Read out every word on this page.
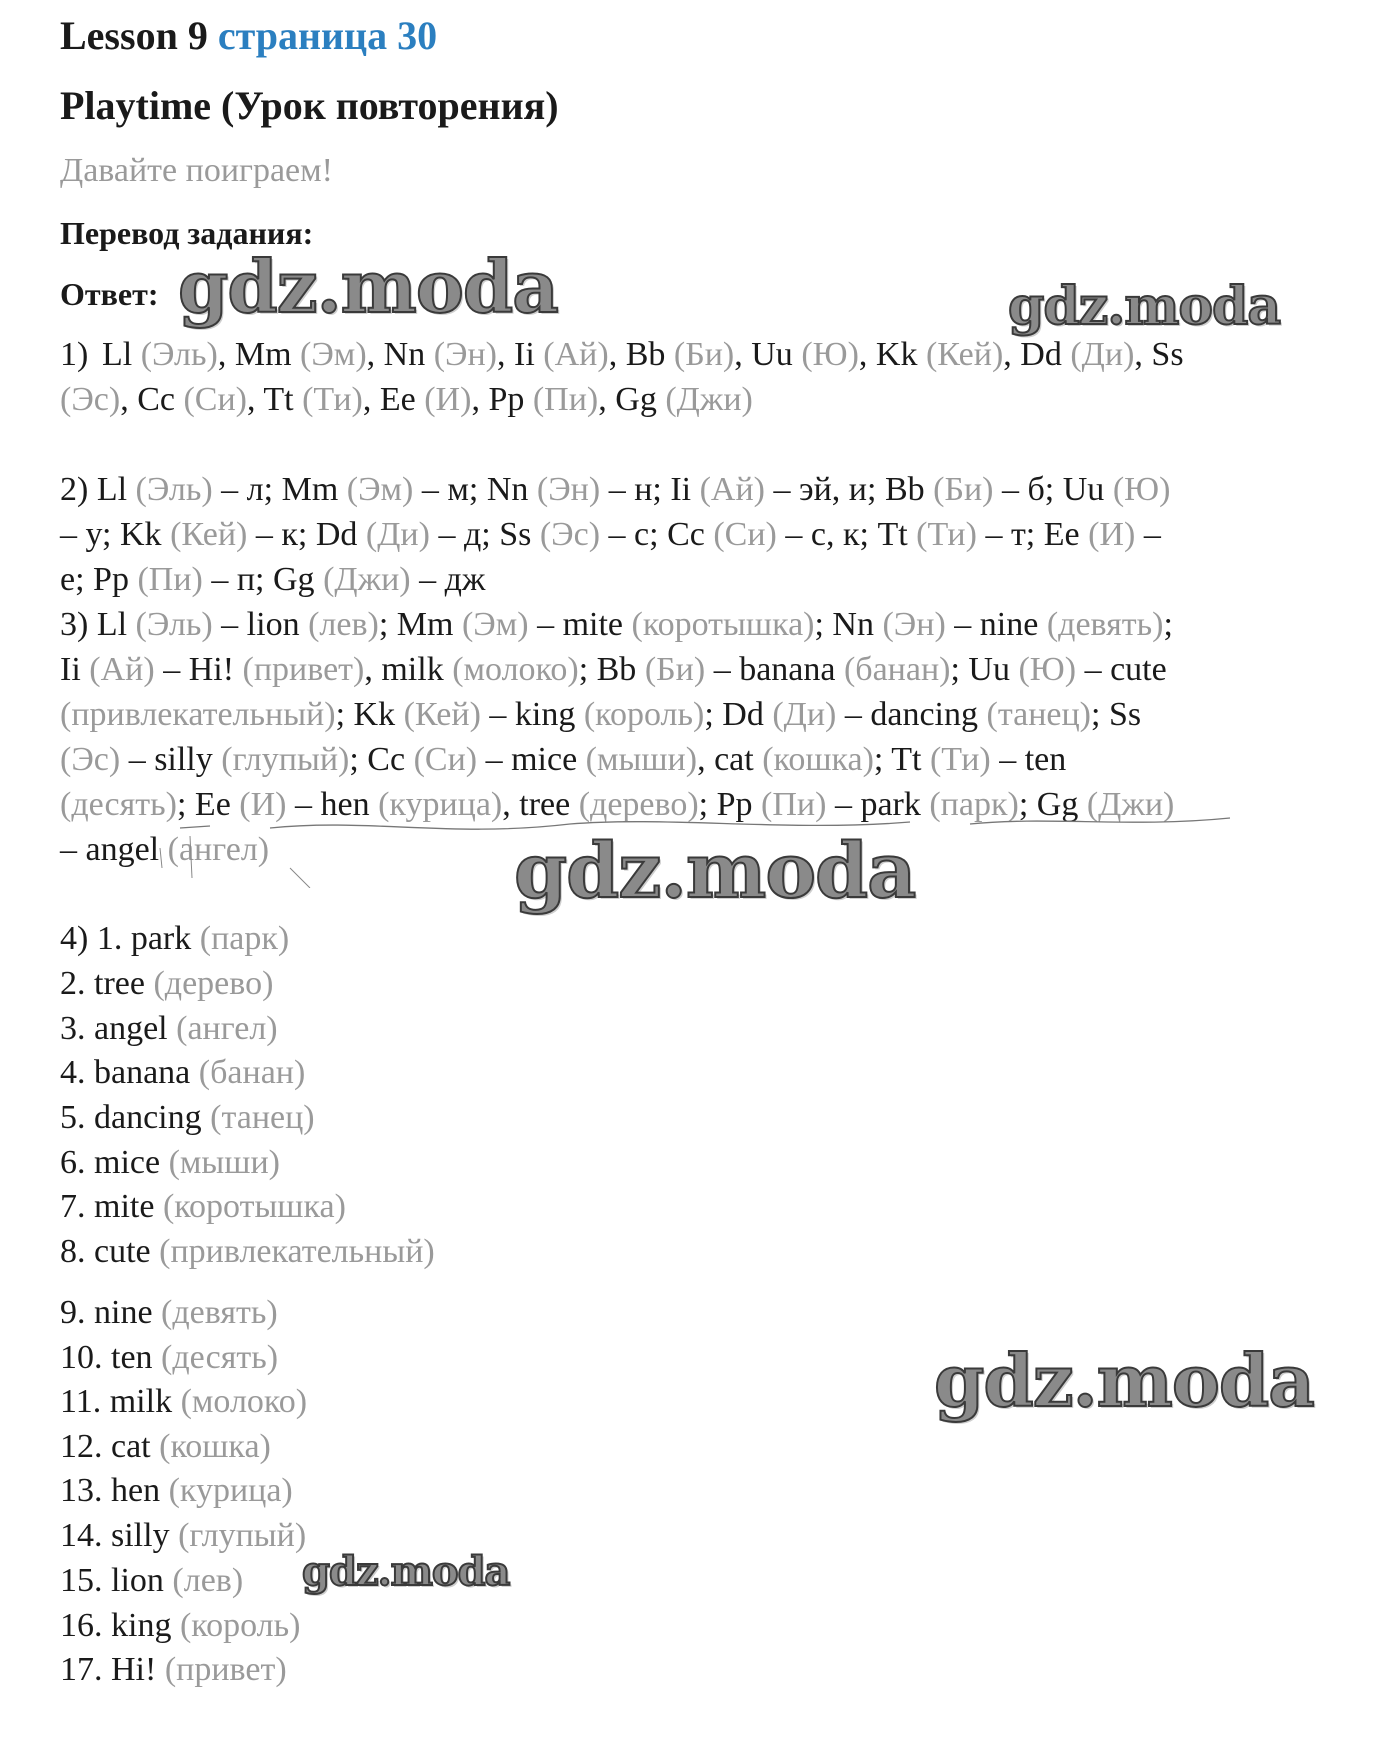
Lesson 9 страница 30
Playtime (Урок повторения)
Давайте поиграем!
Перевод задания:
Ответ:
1) Ll (Эль), Mm (Эм), Nn (Эн), Ii (Ай), Bb (Би), Uu (Ю), Kk (Кей), Dd (Ди), Ss
(Эс), Cc (Си), Tt (Ти), Ee (И), Pp (Пи), Gg (Джи)
2) Ll (Эль) – л; Mm (Эм) – м; Nn (Эн) – н; Ii (Ай) – эй, и; Bb (Би) – б; Uu (Ю)
– у; Kk (Кей) – к; Dd (Ди) – д; Ss (Эс) – с; Cc (Си) – с, к; Tt (Ти) – т; Ee (И) –
е; Pp (Пи) – п; Gg (Джи) – дж
3) Ll (Эль) – lion (лев); Mm (Эм) – mite (коротышка); Nn (Эн) – nine (девять);
Ii (Ай) – Hi! (привет), milk (молоко); Bb (Би) – banana (банан); Uu (Ю) – cute
(привлекательный); Kk (Кей) – king (король); Dd (Ди) – dancing (танец); Ss
(Эс) – silly (глупый); Cc (Си) – mice (мыши), cat (кошка); Tt (Ти) – ten
(десять); Ee (И) – hen (курица), tree (дерево); Pp (Пи) – park (парк); Gg (Джи)
– angel (ангел)
4) 1. park (парк)
2. tree (дерево)
3. angel (ангел)
4. banana (банан)
5. dancing (танец)
6. mice (мыши)
7. mite (коротышка)
8. cute (привлекательный)
9. nine (девять)
10. ten (десять)
11. milk (молоко)
12. cat (кошка)
13. hen (курица)
14. silly (глупый)
15. lion (лев)
16. king (король)
17. Hi! (привет)
gdz.moda	gdz.moda
gdz.moda
gdz.moda
gdz.moda
